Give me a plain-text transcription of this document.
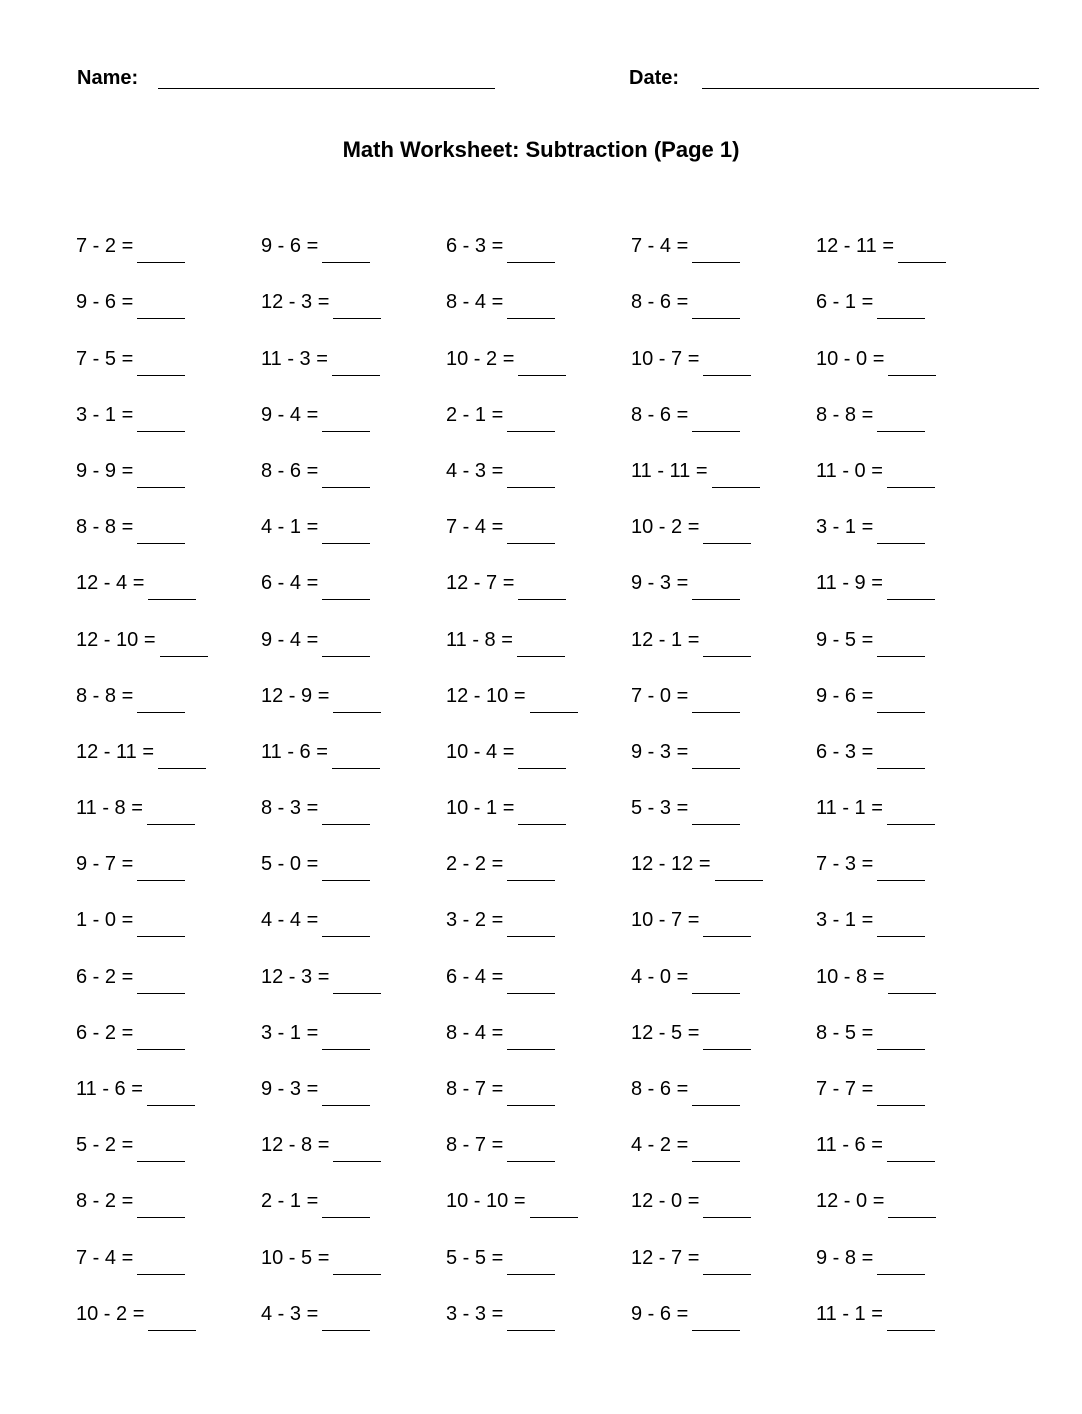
Name:	Date:
Math Worksheet: Subtraction (Page 1)
7 - 2 =	9 - 6 =	6 - 3 =	7 - 4 =	12 - 11 =
9 - 6 =	12 - 3 =	8 - 4 =	8 - 6 =	6 - 1 =
7 - 5 =	11 - 3 =	10 - 2 =	10 - 7 =	10 - 0 =
3 - 1 =	9 - 4 =	2 - 1 =	8 - 6 =	8 - 8 =
9 - 9 =	8 - 6 =	4 - 3 =	11 - 11 =	11 - 0 =
8 - 8 =	4 - 1 =	7 - 4 =	10 - 2 =	3 - 1 =
12 - 4 =	6 - 4 =	12 - 7 =	9 - 3 =	11 - 9 =
12 - 10 =	9 - 4 =	11 - 8 =	12 - 1 =	9 - 5 =
8 - 8 =	12 - 9 =	12 - 10 =	7 - 0 =	9 - 6 =
12 - 11 =	11 - 6 =	10 - 4 =	9 - 3 =	6 - 3 =
11 - 8 =	8 - 3 =	10 - 1 =	5 - 3 =	11 - 1 =
9 - 7 =	5 - 0 =	2 - 2 =	12 - 12 =	7 - 3 =
1 - 0 =	4 - 4 =	3 - 2 =	10 - 7 =	3 - 1 =
6 - 2 =	12 - 3 =	6 - 4 =	4 - 0 =	10 - 8 =
6 - 2 =	3 - 1 =	8 - 4 =	12 - 5 =	8 - 5 =
11 - 6 =	9 - 3 =	8 - 7 =	8 - 6 =	7 - 7 =
5 - 2 =	12 - 8 =	8 - 7 =	4 - 2 =	11 - 6 =
8 - 2 =	2 - 1 =	10 - 10 =	12 - 0 =	12 - 0 =
7 - 4 =	10 - 5 =	5 - 5 =	12 - 7 =	9 - 8 =
10 - 2 =	4 - 3 =	3 - 3 =	9 - 6 =	11 - 1 =
